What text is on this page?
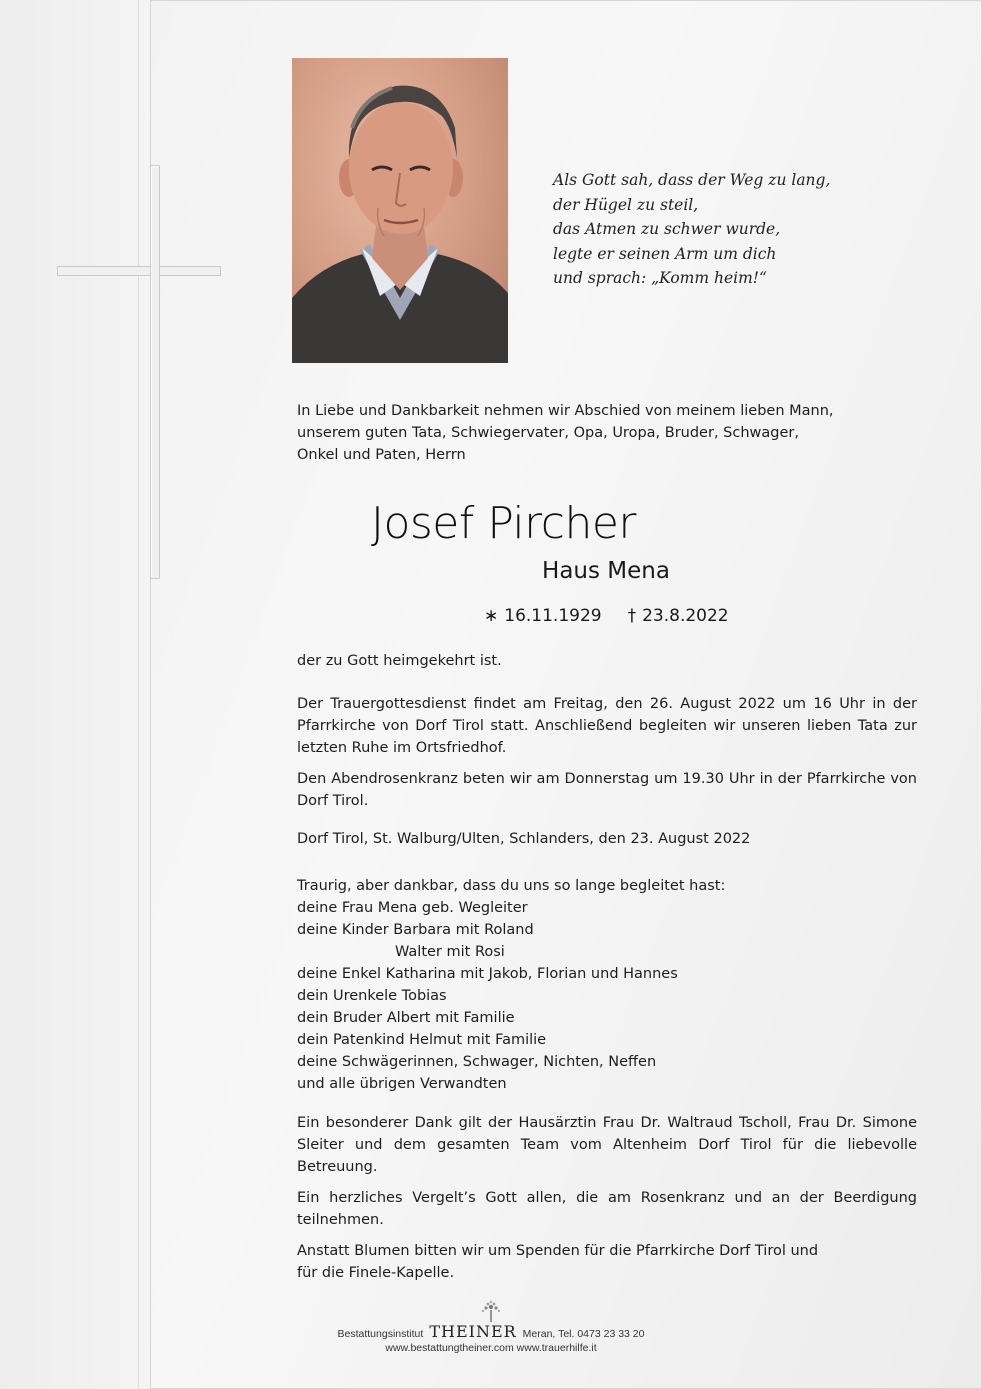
Als Gott sah, dass der Weg zu lang,
der Hügel zu steil,
das Atmen zu schwer wurde,
legte er seinen Arm um dich
und sprach: „Komm heim!“
In Liebe und Dankbarkeit nehmen wir Abschied von meinem lieben Mann,
unserem guten Tata, Schwiegervater, Opa, Uropa, Bruder, Schwager,
Onkel und Paten, Herrn
Josef Pircher
Haus Mena
∗ 16.11.1929 † 23.8.2022
der zu Gott heimgekehrt ist.
Der Trauergottesdienst findet am Freitag, den 26. August 2022 um 16 Uhr in der Pfarrkirche von Dorf Tirol statt. Anschließend begleiten wir unseren lieben Tata zur letzten Ruhe im Ortsfriedhof.
Den Abendrosenkranz beten wir am Donnerstag um 19.30 Uhr in der Pfarrkirche von Dorf Tirol.
Dorf Tirol, St. Walburg/Ulten, Schlanders, den 23. August 2022
Traurig, aber dankbar, dass du uns so lange begleitet hast:
deine Frau Mena geb. Wegleiter
deine Kinder Barbara mit Roland
Walter mit Rosi
deine Enkel Katharina mit Jakob, Florian und Hannes
dein Urenkele Tobias
dein Bruder Albert mit Familie
dein Patenkind Helmut mit Familie
deine Schwägerinnen, Schwager, Nichten, Neffen
und alle übrigen Verwandten
Ein besonderer Dank gilt der Hausärztin Frau Dr. Waltraud Tscholl, Frau Dr. Simone Sleiter und dem gesamten Team vom Altenheim Dorf Tirol für die liebevolle Betreuung.
Ein herzliches Vergelt’s Gott allen, die am Rosenkranz und an der Beerdigung teilnehmen.
Anstatt Blumen bitten wir um Spenden für die Pfarrkirche Dorf Tirol und
für die Finele-Kapelle.
Bestattungsinstitut THEINER Meran, Tel. 0473 23 33 20
www.bestattungtheiner.com www.trauerhilfe.it
